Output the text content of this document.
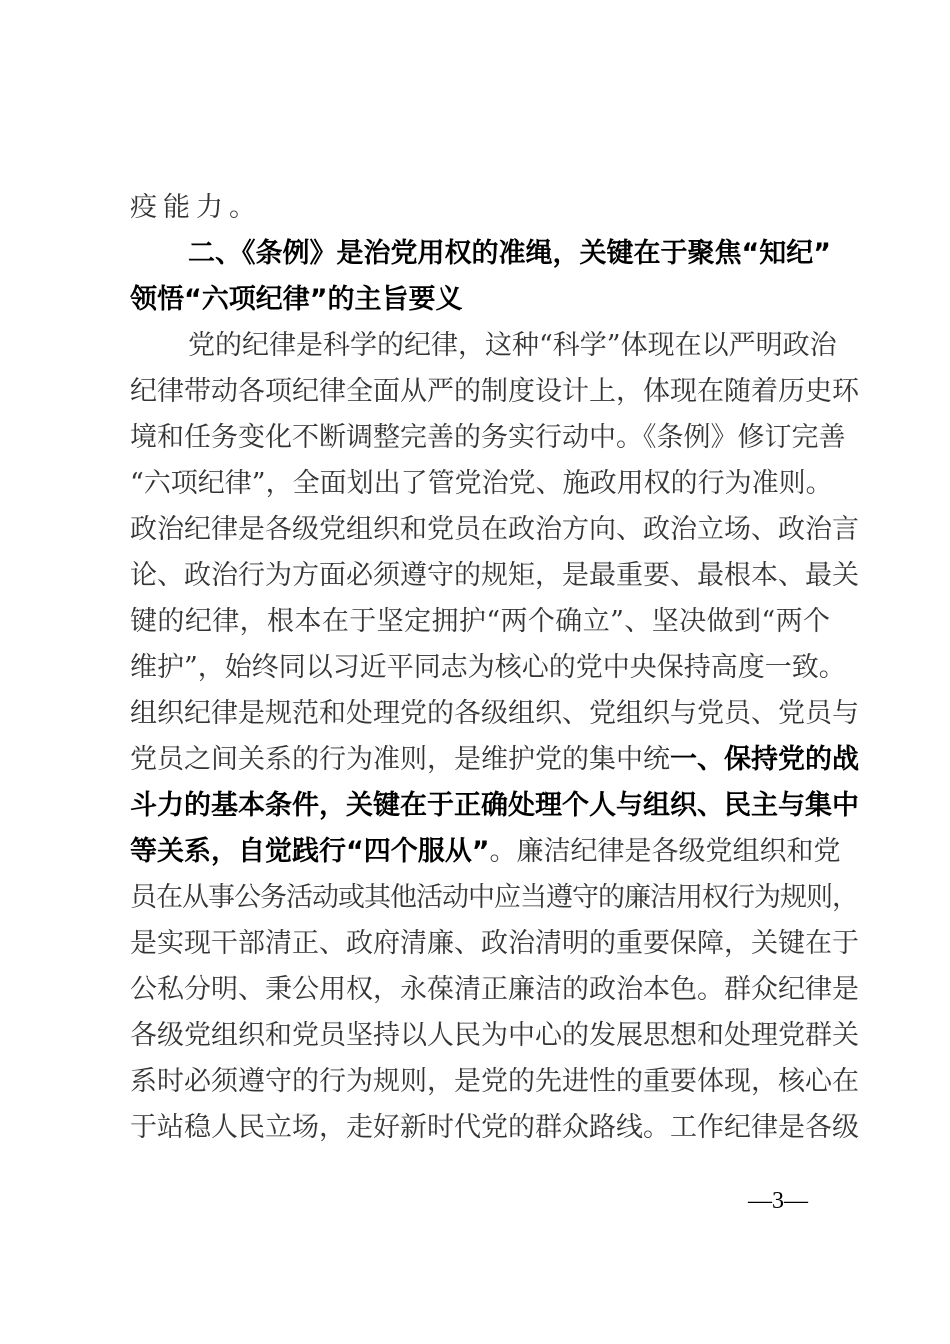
疫能力。
二、《条例》是治党用权的准绳，关键在于聚焦“知纪”
领悟“六项纪律”的主旨要义
党的纪律是科学的纪律，这种“科学”体现在以严明政治
纪律带动各项纪律全面从严的制度设计上，体现在随着历史环
境和任务变化不断调整完善的务实行动中。《条例》修订完善
“六项纪律”，全面划出了管党治党、施政用权的行为准则。
政治纪律是各级党组织和党员在政治方向、政治立场、政治言
论、政治行为方面必须遵守的规矩，是最重要、最根本、最关
键的纪律，根本在于坚定拥护“两个确立”、坚决做到“两个
维护”，始终同以习近平同志为核心的党中央保持高度一致。
组织纪律是规范和处理党的各级组织、党组织与党员、党员与
党员之间关系的行为准则，是维护党的集中统一、保持党的战
斗力的基本条件，关键在于正确处理个人与组织、民主与集中
等关系，自觉践行“四个服从”。廉洁纪律是各级党组织和党
员在从事公务活动或其他活动中应当遵守的廉洁用权行为规则，
是实现干部清正、政府清廉、政治清明的重要保障，关键在于
公私分明、秉公用权，永葆清正廉洁的政治本色。群众纪律是
各级党组织和党员坚持以人民为中心的发展思想和处理党群关
系时必须遵守的行为规则，是党的先进性的重要体现，核心在
于站稳人民立场，走好新时代党的群众路线。工作纪律是各级
—3—
